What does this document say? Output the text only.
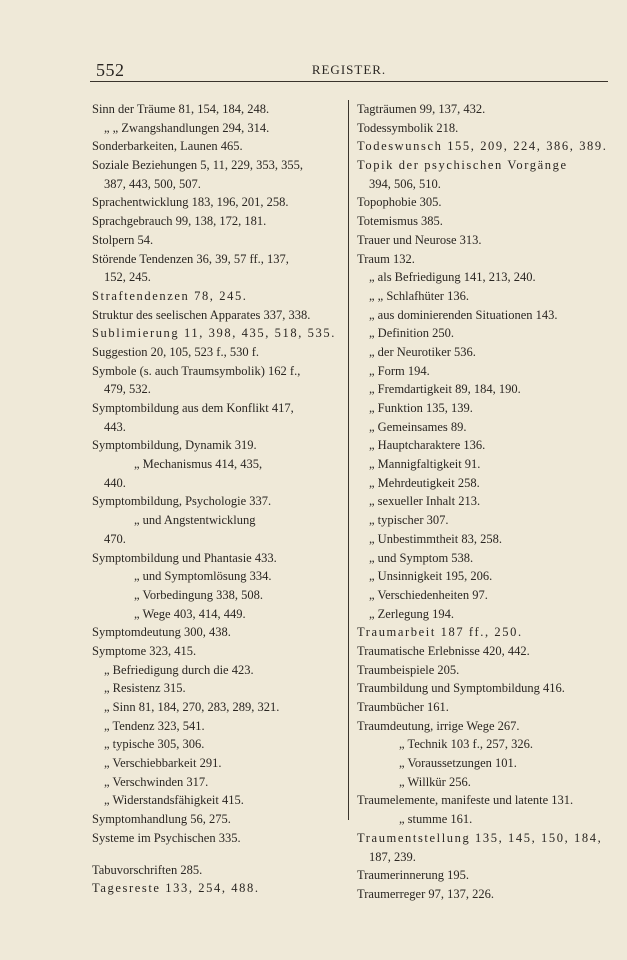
552	REGISTER.
Sinn der Träume 81, 154, 184, 248.
„ „ Zwangshandlungen 294, 314.
Sonderbarkeiten, Launen 465.
Soziale Beziehungen 5, 11, 229, 353, 355,
387, 443, 500, 507.
Sprachentwicklung 183, 196, 201, 258.
Sprachgebrauch 99, 138, 172, 181.
Stolpern 54.
Störende Tendenzen 36, 39, 57 ff., 137,
152, 245.
Straftendenzen 78, 245.
Struktur des seelischen Apparates 337, 338.
Sublimierung 11, 398, 435, 518, 535.
Suggestion 20, 105, 523 f., 530 f.
Symbole (s. auch Traumsymbolik) 162 f.,
479, 532.
Symptombildung aus dem Konflikt 417,
443.
Symptombildung, Dynamik 319.
„ Mechanismus 414, 435,
440.
Symptombildung, Psychologie 337.
„ und Angstentwicklung
470.
Symptombildung und Phantasie 433.
„ und Symptomlösung 334.
„ Vorbedingung 338, 508.
„ Wege 403, 414, 449.
Symptomdeutung 300, 438.
Symptome 323, 415.
„ Befriedigung durch die 423.
„ Resistenz 315.
„ Sinn 81, 184, 270, 283, 289, 321.
„ Tendenz 323, 541.
„ typische 305, 306.
„ Verschiebbarkeit 291.
„ Verschwinden 317.
„ Widerstandsfähigkeit 415.
Symptomhandlung 56, 275.
Systeme im Psychischen 335.
Tabuvorschriften 285.
Tagesreste 133, 254, 488.
Tagträumen 99, 137, 432.
Todessymbolik 218.
Todeswunsch 155, 209, 224, 386, 389.
Topik der psychischen Vorgänge
394, 506, 510.
Topophobie 305.
Totemismus 385.
Trauer und Neurose 313.
Traum 132.
„ als Befriedigung 141, 213, 240.
„ „ Schlafhüter 136.
„ aus dominierenden Situationen 143.
„ Definition 250.
„ der Neurotiker 536.
„ Form 194.
„ Fremdartigkeit 89, 184, 190.
„ Funktion 135, 139.
„ Gemeinsames 89.
„ Hauptcharaktere 136.
„ Mannigfaltigkeit 91.
„ Mehrdeutigkeit 258.
„ sexueller Inhalt 213.
„ typischer 307.
„ Unbestimmtheit 83, 258.
„ und Symptom 538.
„ Unsinnigkeit 195, 206.
„ Verschiedenheiten 97.
„ Zerlegung 194.
Traumarbeit 187 ff., 250.
Traumatische Erlebnisse 420, 442.
Traumbeispiele 205.
Traumbildung und Symptombildung 416.
Traumbücher 161.
Traumdeutung, irrige Wege 267.
„ Technik 103 f., 257, 326.
„ Voraussetzungen 101.
„ Willkür 256.
Traumelemente, manifeste und latente 131.
„ stumme 161.
Traumentstellung 135, 145, 150, 184,
187, 239.
Traumerinnerung 195.
Traumerreger 97, 137, 226.
